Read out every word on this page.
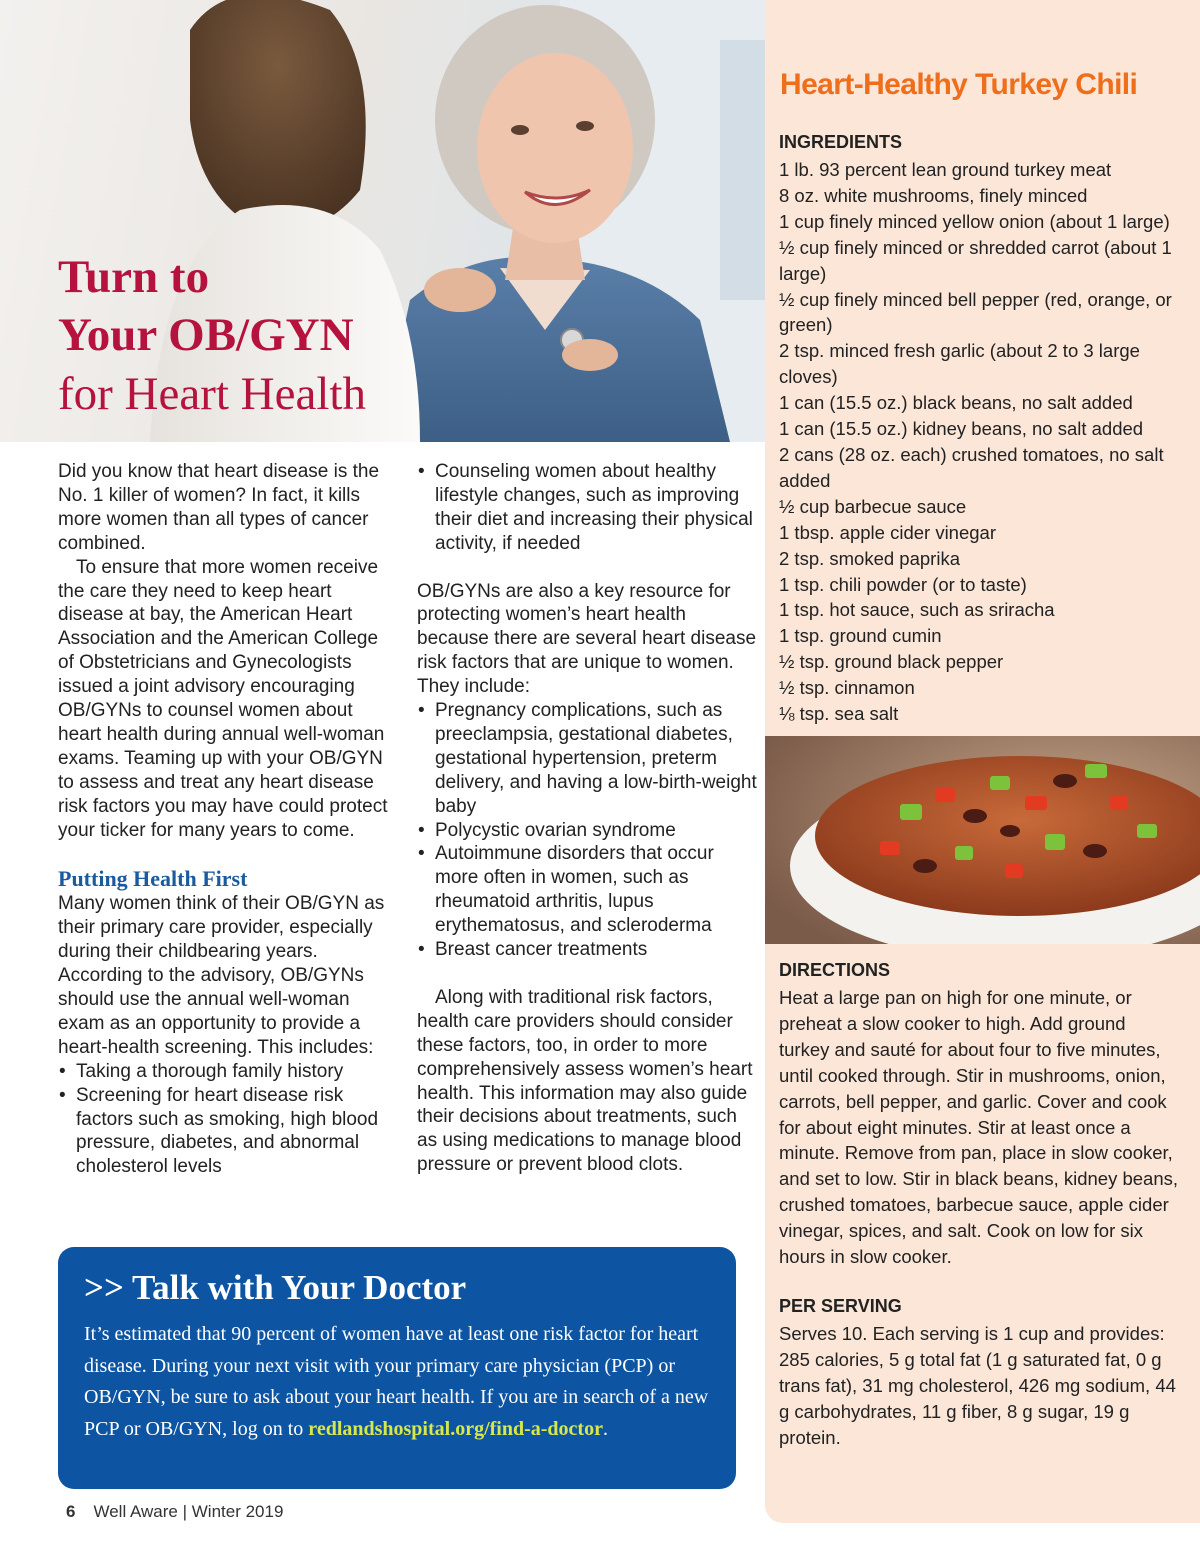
Turn to
Your OB/GYN
for Heart Health

Did you know that heart disease is the No. 1 killer of women? In fact, it kills more women than all types of cancer combined.

To ensure that more women receive the care they need to keep heart disease at bay, the American Heart Association and the American College of Obstetricians and Gynecologists issued a joint advisory encouraging OB/GYNs to counsel women about heart health during annual well-woman exams. Teaming up with your OB/GYN to assess and treat any heart disease risk factors you may have could protect your ticker for many years to come.

Putting Health First

Many women think of their OB/GYN as their primary care provider, especially during their childbearing years. According to the advisory, OB/GYNs should use the annual well-woman exam as an opportunity to provide a heart-health screening. This includes:

• Taking a thorough family history
• Screening for heart disease risk factors such as smoking, high blood pressure, diabetes, and abnormal cholesterol levels
• Counseling women about healthy lifestyle changes, such as improving their diet and increasing their physical activity, if needed

OB/GYNs are also a key resource for protecting women’s heart health because there are several heart disease risk factors that are unique to women. They include:

• Pregnancy complications, such as preeclampsia, gestational diabetes, gestational hypertension, preterm delivery, and having a low-birth-weight baby
• Polycystic ovarian syndrome
• Autoimmune disorders that occur more often in women, such as rheumatoid arthritis, lupus erythematosus, and scleroderma
• Breast cancer treatments

Along with traditional risk factors, health care providers should consider these factors, too, in order to more comprehensively assess women’s heart health. This information may also guide their decisions about treatments, such as using medications to manage blood pressure or prevent blood clots.

>> Talk with Your Doctor

It’s estimated that 90 percent of women have at least one risk factor for heart disease. During your next visit with your primary care physician (PCP) or OB/GYN, be sure to ask about your heart health. If you are in search of a new PCP or OB/GYN, log on to redlandshospital.org/find-a-doctor.

6 Well Aware | Winter 2019
Heart-Healthy Turkey Chili
INGREDIENTS
1 lb. 93 percent lean ground turkey meat
8 oz. white mushrooms, finely minced
1 cup finely minced yellow onion (about 1 large)
½ cup finely minced or shredded carrot (about 1 large)
½ cup finely minced bell pepper (red, orange, or green)
2 tsp. minced fresh garlic (about 2 to 3 large cloves)
1 can (15.5 oz.) black beans, no salt added
1 can (15.5 oz.) kidney beans, no salt added
2 cans (28 oz. each) crushed tomatoes, no salt added
½ cup barbecue sauce
1 tbsp. apple cider vinegar
2 tsp. smoked paprika
1 tsp. chili powder (or to taste)
1 tsp. hot sauce, such as sriracha
1 tsp. ground cumin
½ tsp. ground black pepper
½ tsp. cinnamon
⅛ tsp. sea salt
DIRECTIONS

Heat a large pan on high for one minute, or preheat a slow cooker to high. Add ground turkey and sauté for about four to five minutes, until cooked through. Stir in mushrooms, onion, carrots, bell pepper, and garlic. Cover and cook for about eight minutes. Stir at least once a minute. Remove from pan, place in slow cooker, and set to low. Stir in black beans, kidney beans, crushed tomatoes, barbecue sauce, apple cider vinegar, spices, and salt. Cook on low for six hours in slow cooker.

PER SERVING

Serves 10. Each serving is 1 cup and provides: 285 calories, 5 g total fat (1 g saturated fat, 0 g trans fat), 31 mg cholesterol, 426 mg sodium, 44 g carbohydrates, 11 g fiber, 8 g sugar, 19 g protein.
